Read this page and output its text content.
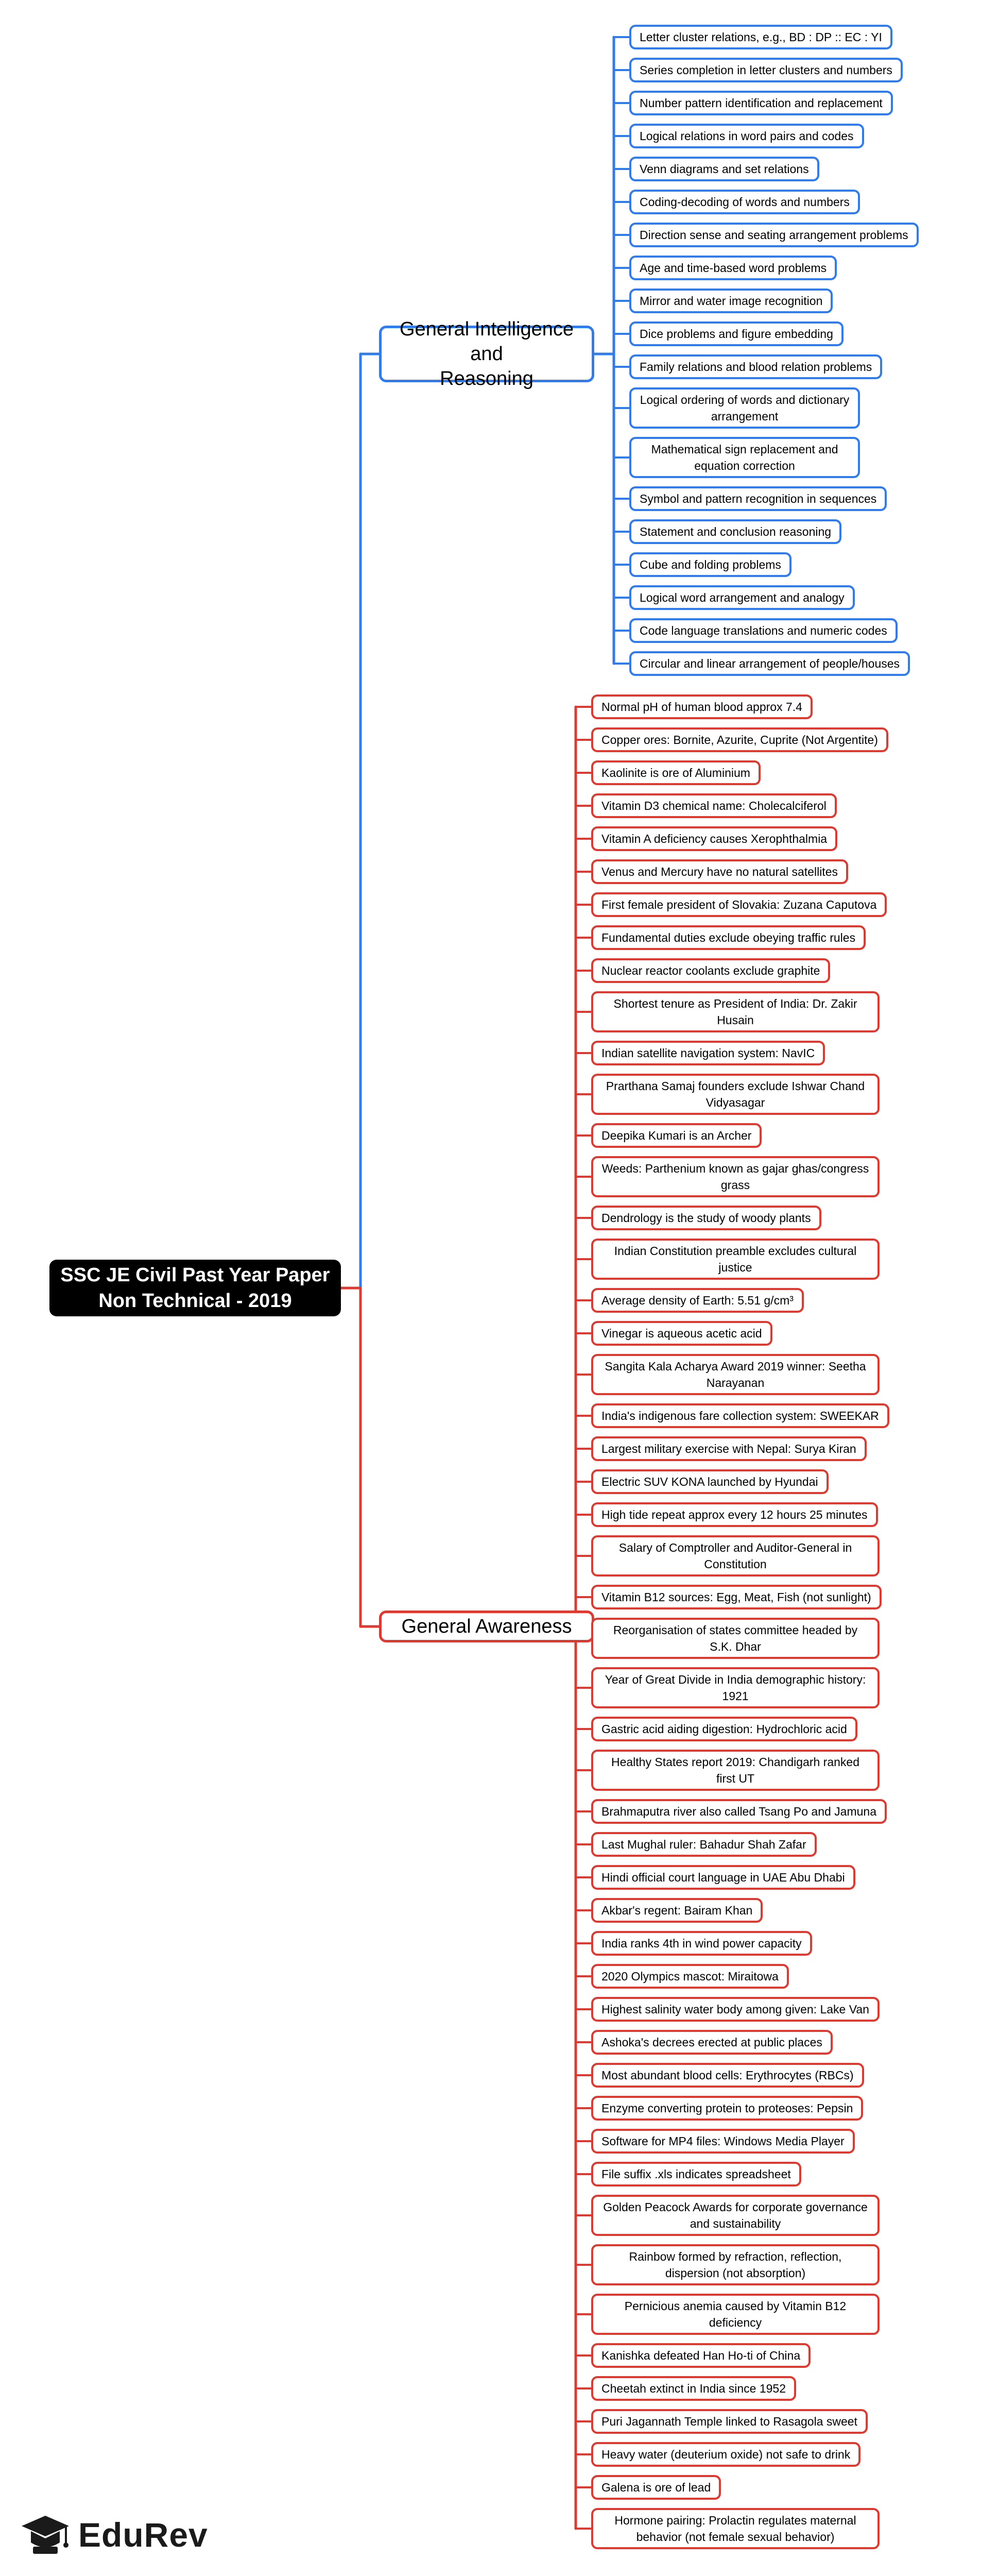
SSC JE Civil Past Year Paper
Non Technical - 2019
General Intelligence and
Reasoning
Letter cluster relations, e.g., BD : DP :: EC : YI
Series completion in letter clusters and numbers
Number pattern identification and replacement
Logical relations in word pairs and codes
Venn diagrams and set relations
Coding-decoding of words and numbers
Direction sense and seating arrangement problems
Age and time-based word problems
Mirror and water image recognition
Dice problems and figure embedding
Family relations and blood relation problems
Logical ordering of words and dictionary arrangement
Mathematical sign replacement and equation correction
Symbol and pattern recognition in sequences
Statement and conclusion reasoning
Cube and folding problems
Logical word arrangement and analogy
Code language translations and numeric codes
Circular and linear arrangement of people/houses
General Awareness
Normal pH of human blood approx 7.4
Copper ores: Bornite, Azurite, Cuprite (Not Argentite)
Kaolinite is ore of Aluminium
Vitamin D3 chemical name: Cholecalciferol
Vitamin A deficiency causes Xerophthalmia
Venus and Mercury have no natural satellites
First female president of Slovakia: Zuzana Caputova
Fundamental duties exclude obeying traffic rules
Nuclear reactor coolants exclude graphite
Shortest tenure as President of India: Dr. Zakir Husain
Indian satellite navigation system: NavIC
Prarthana Samaj founders exclude Ishwar Chand Vidyasagar
Deepika Kumari is an Archer
Weeds: Parthenium known as gajar ghas/congress grass
Dendrology is the study of woody plants
Indian Constitution preamble excludes cultural justice
Average density of Earth: 5.51 g/cm³
Vinegar is aqueous acetic acid
Sangita Kala Acharya Award 2019 winner: Seetha Narayanan
India's indigenous fare collection system: SWEEKAR
Largest military exercise with Nepal: Surya Kiran
Electric SUV KONA launched by Hyundai
High tide repeat approx every 12 hours 25 minutes
Salary of Comptroller and Auditor-General in Constitution
Vitamin B12 sources: Egg, Meat, Fish (not sunlight)
Reorganisation of states committee headed by S.K. Dhar
Year of Great Divide in India demographic history: 1921
Gastric acid aiding digestion: Hydrochloric acid
Healthy States report 2019: Chandigarh ranked first UT
Brahmaputra river also called Tsang Po and Jamuna
Last Mughal ruler: Bahadur Shah Zafar
Hindi official court language in UAE Abu Dhabi
Akbar's regent: Bairam Khan
India ranks 4th in wind power capacity
2020 Olympics mascot: Miraitowa
Highest salinity water body among given: Lake Van
Ashoka's decrees erected at public places
Most abundant blood cells: Erythrocytes (RBCs)
Enzyme converting protein to proteoses: Pepsin
Software for MP4 files: Windows Media Player
File suffix .xls indicates spreadsheet
Golden Peacock Awards for corporate governance and sustainability
Rainbow formed by refraction, reflection, dispersion (not absorption)
Pernicious anemia caused by Vitamin B12 deficiency
Kanishka defeated Han Ho-ti of China
Cheetah extinct in India since 1952
Puri Jagannath Temple linked to Rasagola sweet
Heavy water (deuterium oxide) not safe to drink
Galena is ore of lead
Hormone pairing: Prolactin regulates maternal behavior (not female sexual behavior)
EduRev
